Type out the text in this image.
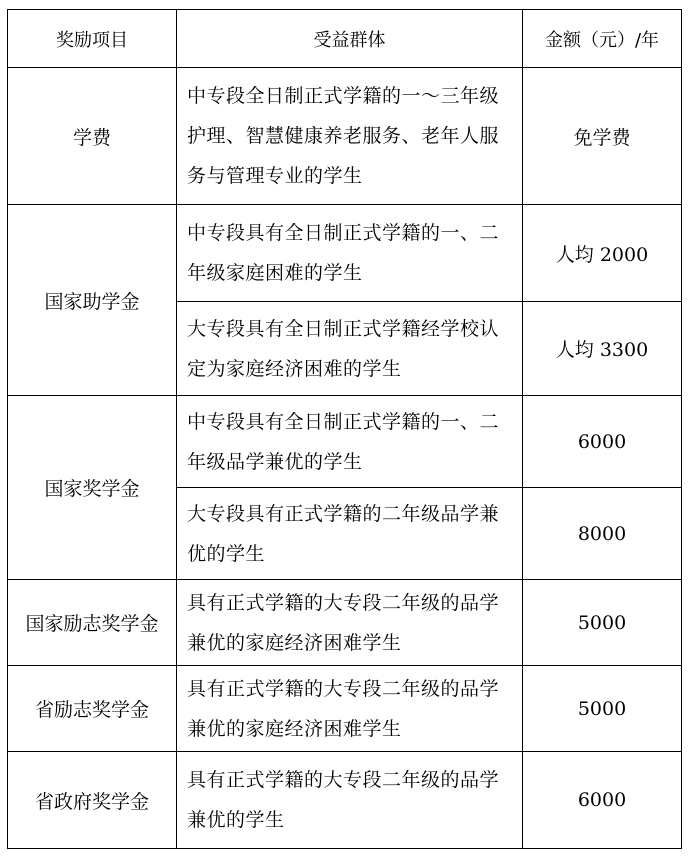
奖励项目	受益群体	金额（元）/年
学费	中专段全日制正式学籍的一～三年级护理、智慧健康养老服务、老年人服务与管理专业的学生	免学费
国家助学金	中专段具有全日制正式学籍的一、二年级家庭困难的学生	人均 2000
	大专段具有全日制正式学籍经学校认定为家庭经济困难的学生	人均 3300
国家奖学金	中专段具有全日制正式学籍的一、二年级品学兼优的学生	6000
	大专段具有正式学籍的二年级品学兼优的学生	8000
国家励志奖学金	具有正式学籍的大专段二年级的品学兼优的家庭经济困难学生	5000
省励志奖学金	具有正式学籍的大专段二年级的品学兼优的家庭经济困难学生	5000
省政府奖学金	具有正式学籍的大专段二年级的品学兼优的学生	6000
